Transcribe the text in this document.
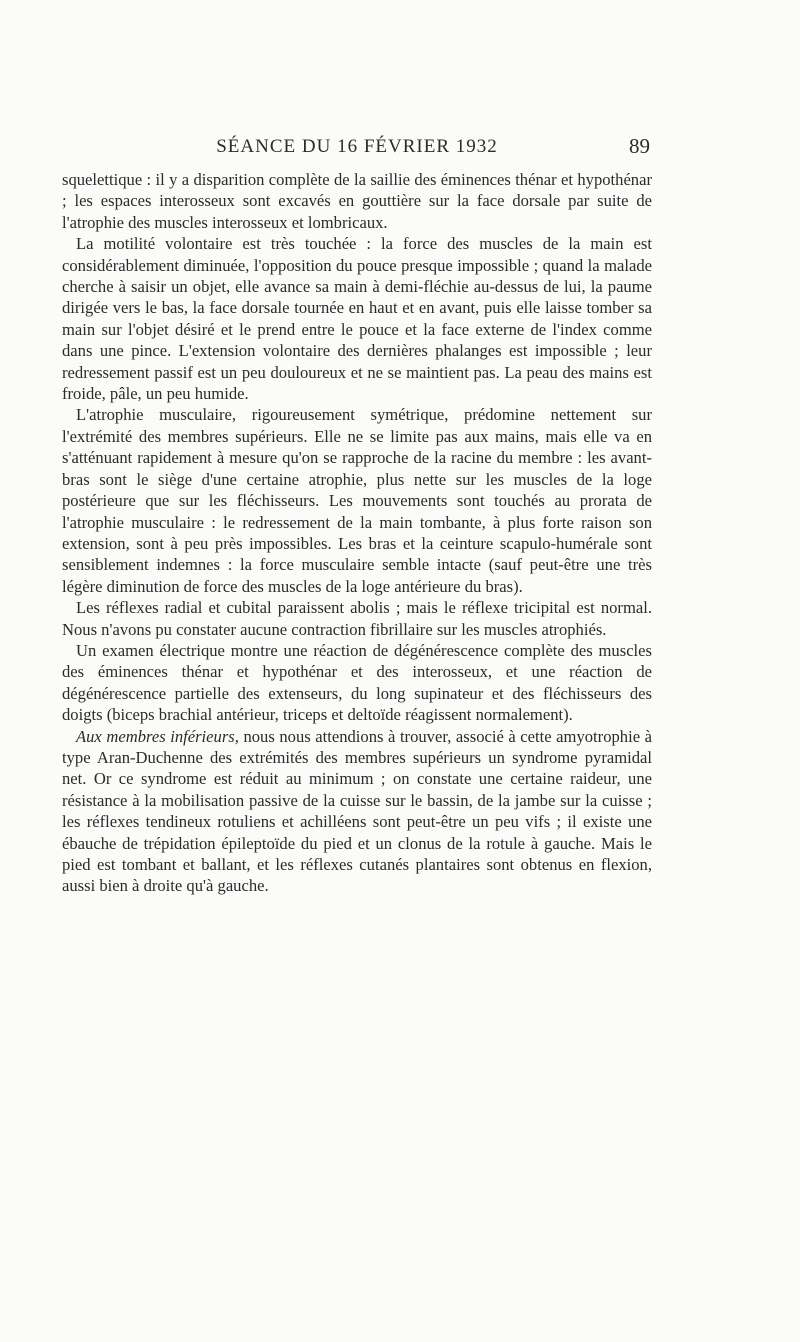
SÉANCE DU 16 FÉVRIER 1932	89

squelettique : il y a disparition complète de la saillie des éminences thénar et hypothénar ; les espaces interosseux sont excavés en gouttière sur la face dorsale par suite de l'atrophie des muscles interosseux et lombricaux.

La motilité volontaire est très touchée : la force des muscles de la main est considérablement diminuée, l'opposition du pouce presque impossible ; quand la malade cherche à saisir un objet, elle avance sa main à demi-fléchie au-dessus de lui, la paume dirigée vers le bas, la face dorsale tournée en haut et en avant, puis elle laisse tomber sa main sur l'objet désiré et le prend entre le pouce et la face externe de l'index comme dans une pince. L'extension volontaire des dernières phalanges est impossible ; leur redressement passif est un peu douloureux et ne se maintient pas. La peau des mains est froide, pâle, un peu humide.

L'atrophie musculaire, rigoureusement symétrique, prédomine nettement sur l'extrémité des membres supérieurs. Elle ne se limite pas aux mains, mais elle va en s'atténuant rapidement à mesure qu'on se rapproche de la racine du membre : les avant-bras sont le siège d'une certaine atrophie, plus nette sur les muscles de la loge postérieure que sur les fléchisseurs. Les mouvements sont touchés au prorata de l'atrophie musculaire : le redressement de la main tombante, à plus forte raison son extension, sont à peu près impossibles. Les bras et la ceinture scapulo-humérale sont sensiblement indemnes : la force musculaire semble intacte (sauf peut-être une très légère diminution de force des muscles de la loge antérieure du bras).

Les réflexes radial et cubital paraissent abolis ; mais le réflexe tricipital est normal. Nous n'avons pu constater aucune contraction fibrillaire sur les muscles atrophiés.

Un examen électrique montre une réaction de dégénérescence complète des muscles des éminences thénar et hypothénar et des interosseux, et une réaction de dégénérescence partielle des extenseurs, du long supinateur et des fléchisseurs des doigts (biceps brachial antérieur, triceps et deltoïde réagissent normalement).

Aux membres inférieurs, nous nous attendions à trouver, associé à cette amyotrophie à type Aran-Duchenne des extrémités des membres supérieurs un syndrome pyramidal net. Or ce syndrome est réduit au minimum ; on constate une certaine raideur, une résistance à la mobilisation passive de la cuisse sur le bassin, de la jambe sur la cuisse ; les réflexes tendineux rotuliens et achilléens sont peut-être un peu vifs ; il existe une ébauche de trépidation épileptoïde du pied et un clonus de la rotule à gauche. Mais le pied est tombant et ballant, et les réflexes cutanés plantaires sont obtenus en flexion, aussi bien à droite qu'à gauche.
